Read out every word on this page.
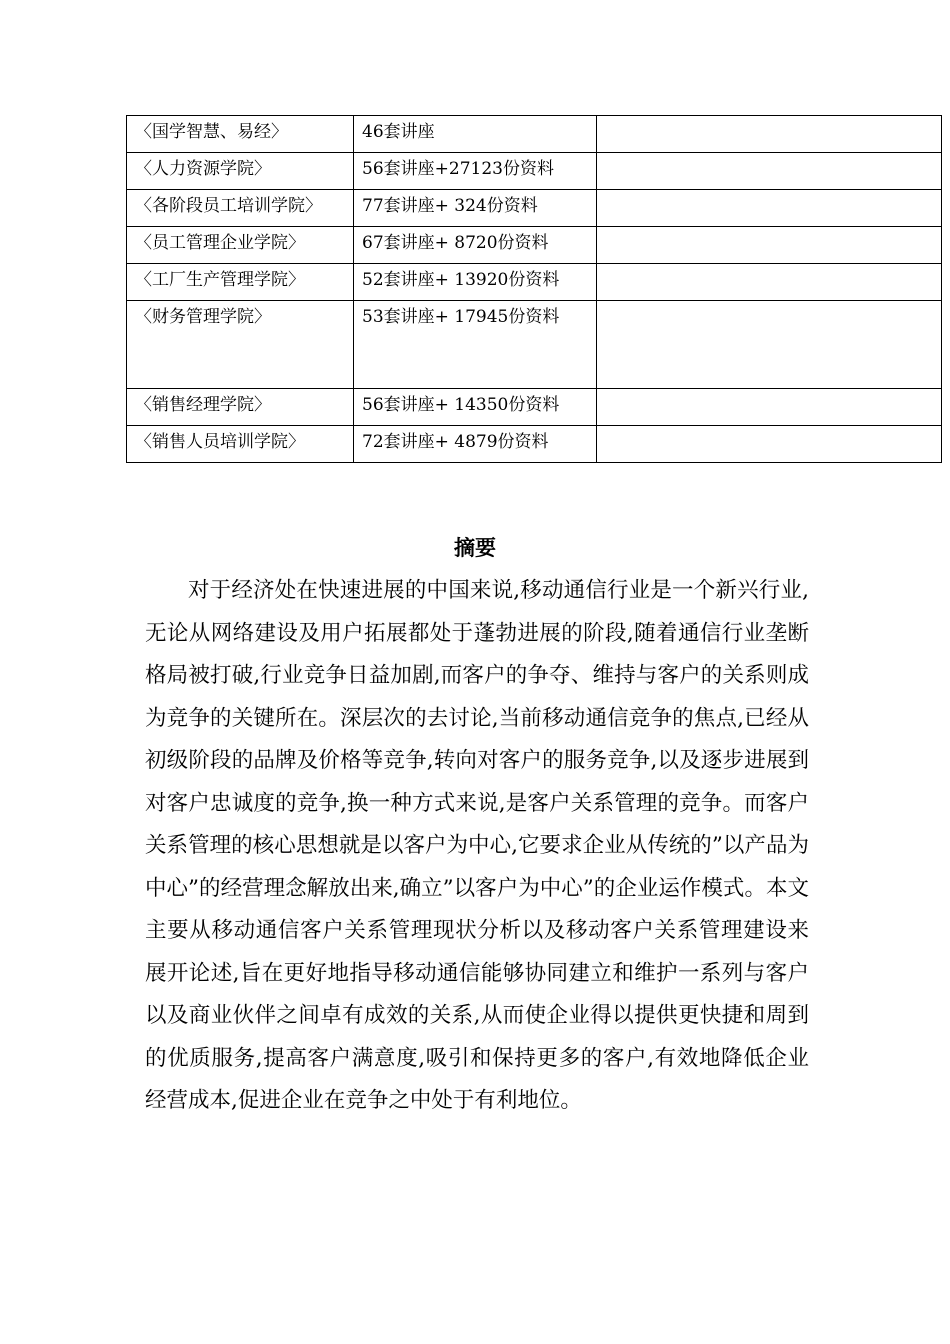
〈国学智慧、易经〉	46套讲座	
〈人力资源学院〉	56套讲座+27123份资料	
〈各阶段员工培训学院〉	77套讲座+ 324份资料	
〈员工管理企业学院〉	67套讲座+ 8720份资料	
〈工厂生产管理学院〉	52套讲座+ 13920份资料	
〈财务管理学院〉	53套讲座+ 17945份资料	

〈销售经理学院〉	56套讲座+ 14350份资料	
〈销售人员培训学院〉	72套讲座+ 4879份资料	
摘要

对于经济处在快速进展的中国来说,移动通信行业是一个新兴行业,无论从网络建设及用户拓展都处于蓬勃进展的阶段,随着通信行业垄断格局被打破,行业竞争日益加剧,而客户的争夺、维持与客户的关系则成为竞争的关键所在。深层次的去讨论,当前移动通信竞争的焦点,已经从初级阶段的品牌及价格等竞争,转向对客户的服务竞争,以及逐步进展到对客户忠诚度的竞争,换一种方式来说,是客户关系管理的竞争。而客户关系管理的核心思想就是以客户为中心,它要求企业从传统的”以产品为中心”的经营理念解放出来,确立”以客户为中心”的企业运作模式。本文主要从移动通信客户关系管理现状分析以及移动客户关系管理建设来展开论述,旨在更好地指导移动通信能够协同建立和维护一系列与客户以及商业伙伴之间卓有成效的关系,从而使企业得以提供更快捷和周到的优质服务,提高客户满意度,吸引和保持更多的客户,有效地降低企业经营成本,促进企业在竞争之中处于有利地位。
